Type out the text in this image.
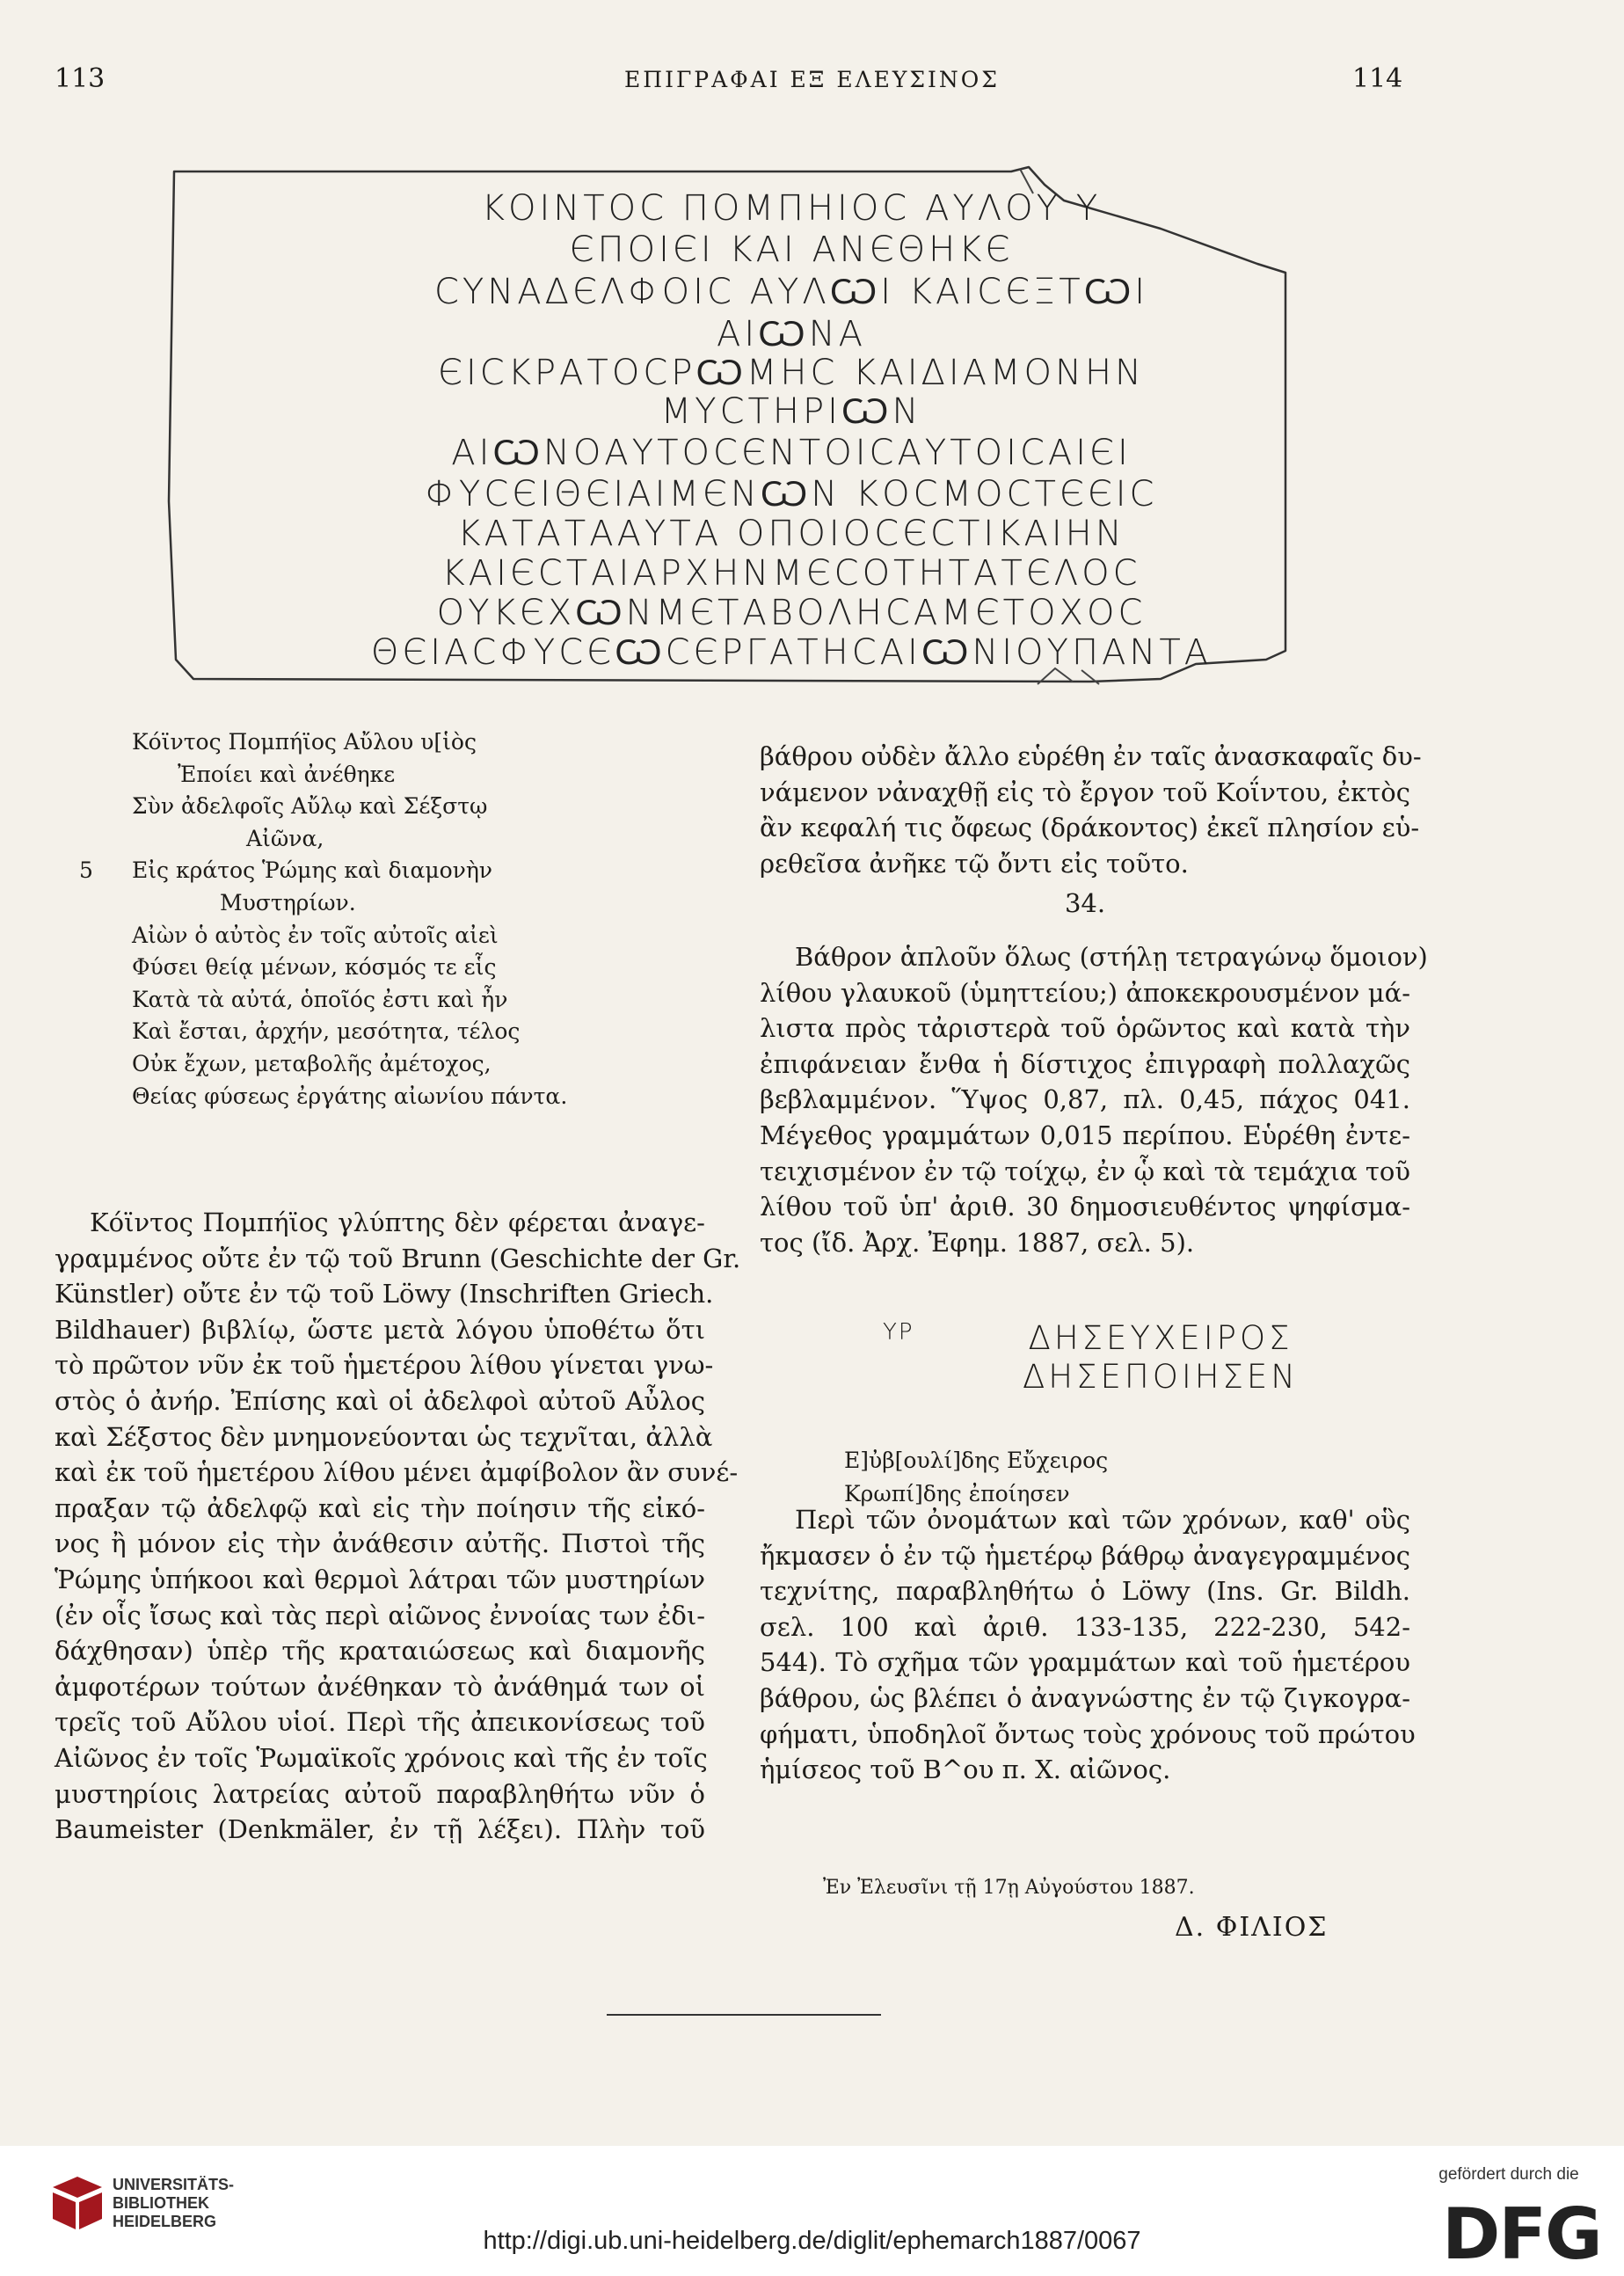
113	ΕΠΙΓΡΑΦΑΙ ΕΞ ΕΛΕΥΣΙΝΟΣ	114
ΚΟΙΝΤΟϹ ΠΟΜΠΗΙΟϹ ΑΥΛΟΥ Υ
ЄΠΟΙЄΙ ΚΑΙ ΑΝЄΘΗΚЄ
ϹΥΝΑΔЄΛΦΟΙϹ ΑΥΛѠΙ ΚΑΙϹЄΞΤѠΙ
ΑΙѠΝΑ
ЄΙϹΚΡΑΤΟϹΡѠΜΗϹ ΚΑΙΔΙΑΜΟΝΗΝ
ΜΥϹΤΗΡΙѠΝ
ΑΙѠΝΟΑΥΤΟϹЄΝΤΟΙϹΑΥΤΟΙϹΑΙЄΙ
ΦΥϹЄΙΘЄΙΑΙΜЄΝѠΝ ΚΟϹΜΟϹΤЄЄΙϹ
ΚΑΤΑΤΑΑΥΤΑ ΟΠΟΙΟϹЄϹΤΙΚΑΙΗΝ
ΚΑΙЄϹΤΑΙΑΡΧΗΝΜЄϹΟΤΗΤΑΤЄΛΟϹ
ΟΥΚЄΧѠΝΜЄΤΑΒΟΛΗϹΑΜЄΤΟΧΟϹ
ΘЄΙΑϹΦΥϹЄѠϹЄΡΓΑΤΗϹΑΙѠΝΙΟΥΠΑΝΤΑ
Κόϊντος Πομπήϊος Αὔλου υ[ἱὸς
Ἐποίει καὶ ἀνέθηκε
Σὺν ἀδελφοῖς Αὔλῳ καὶ Σέξστῳ
Αἰῶνα,
5 Εἰς κράτος Ῥώμης καὶ διαμονὴν
Μυστηρίων.
Αἰὼν ὁ αὐτὸς ἐν τοῖς αὐτοῖς αἰεὶ
Φύσει θείᾳ μένων, κόσμός τε εἷς
Κατὰ τὰ αὐτά, ὁποῖός ἐστι καὶ ἦν
Καὶ ἔσται, ἀρχήν, μεσότητα, τέλος
Οὐκ ἔχων, μεταβολῆς ἀμέτοχος,
Θείας φύσεως ἐργάτης αἰωνίου πάντα.
Κόϊντος Πομπήϊος γλύπτης δὲν φέρεται ἀναγε-
γραμμένος οὔτε ἐν τῷ τοῦ Brunn (Geschichte der Gr.
Künstler) οὔτε ἐν τῷ τοῦ Löwy (Inschriften Griech.
Bildhauer) βιβλίῳ, ὥστε μετὰ λόγου ὑποθέτω ὅτι
τὸ πρῶτον νῦν ἐκ τοῦ ἡμετέρου λίθου γίνεται γνω-
στὸς ὁ ἀνήρ. Ἐπίσης καὶ οἱ ἀδελφοὶ αὐτοῦ Αὖλος
καὶ Σέξστος δὲν μνημονεύονται ὡς τεχνῖται, ἀλλὰ
καὶ ἐκ τοῦ ἡμετέρου λίθου μένει ἀμφίβολον ἂν συνέ-
πραξαν τῷ ἀδελφῷ καὶ εἰς τὴν ποίησιν τῆς εἰκό-
νος ἢ μόνον εἰς τὴν ἀνάθεσιν αὐτῆς. Πιστοὶ τῆς
Ῥώμης ὑπήκοοι καὶ θερμοὶ λάτραι τῶν μυστηρίων
(ἐν οἷς ἴσως καὶ τὰς περὶ αἰῶνος ἐννοίας των ἐδι-
δάχθησαν) ὑπὲρ τῆς κραταιώσεως καὶ διαμονῆς
ἀμφοτέρων τούτων ἀνέθηκαν τὸ ἀνάθημά των οἱ
τρεῖς τοῦ Αὔλου υἱοί. Περὶ τῆς ἀπεικονίσεως τοῦ
Αἰῶνος ἐν τοῖς Ῥωμαϊκοῖς χρόνοις καὶ τῆς ἐν τοῖς
μυστηρίοις λατρείας αὐτοῦ παραβληθήτω νῦν ὁ
Baumeister (Denkmäler, ἐν τῇ λέξει). Πλὴν τοῦ
βάθρου οὐδὲν ἄλλο εὑρέθη ἐν ταῖς ἀνασκαφαῖς δυ-
νάμενον νἀναχθῇ εἰς τὸ ἔργον τοῦ Κοΐντου, ἐκτὸς
ἂν κεφαλή τις ὄφεως (δράκοντος) ἐκεῖ πλησίον εὑ-
ρεθεῖσα ἀνῆκε τῷ ὄντι εἰς τοῦτο.
34.
Βάθρον ἁπλοῦν ὅλως (στήλῃ τετραγώνῳ ὅμοιον)
λίθου γλαυκοῦ (ὑμηττείου;) ἀποκεκρουσμένον μά-
λιστα πρὸς τἀριστερὰ τοῦ ὁρῶντος καὶ κατὰ τὴν
ἐπιφάνειαν ἔνθα ἡ δίστιχος ἐπιγραφὴ πολλαχῶς
βεβλαμμένον. Ὕψος 0,87, πλ. 0,45, πάχος 041.
Μέγεθος γραμμάτων 0,015 περίπου. Εὑρέθη ἐντε-
τειχισμένον ἐν τῷ τοίχῳ, ἐν ᾧ καὶ τὰ τεμάχια τοῦ
λίθου τοῦ ὑπ' ἀριθ. 30 δημοσιευθέντος ψηφίσμα-
τος (ἴδ. Ἀρχ. Ἐφημ. 1887, σελ. 5).
ΥΡ	ΔΗΣΕΥΧΕΙΡΟΣ
ΔΗΣΕΠΟΙΗΣΕΝ
Ε]ὐβ[ουλί]δης Εὔχειρος
Κρωπί]δης ἐποίησεν
Περὶ τῶν ὀνομάτων καὶ τῶν χρόνων, καθ' οὓς
ἤκμασεν ὁ ἐν τῷ ἡμετέρῳ βάθρῳ ἀναγεγραμμένος
τεχνίτης, παραβληθήτω ὁ Löwy (Ins. Gr. Bildh.
σελ. 100 καὶ ἀριθ. 133-135, 222-230, 542-
544). Τὸ σχῆμα τῶν γραμμάτων καὶ τοῦ ἡμετέρου
βάθρου, ὡς βλέπει ὁ ἀναγνώστης ἐν τῷ ζιγκογρα-
φήματι, ὑποδηλοῖ ὄντως τοὺς χρόνους τοῦ πρώτου
ἡμίσεος τοῦ Β^ου π. Χ. αἰῶνος.
Ἐν Ἐλευσῖνι τῇ 17ῃ Αὐγούστου 1887.
Δ. ΦΙΛΙΟΣ
UNIVERSITÄTS-
BIBLIOTHEK
HEIDELBERG
http://digi.ub.uni-heidelberg.de/diglit/ephemarch1887/0067
gefördert durch die
DFG
